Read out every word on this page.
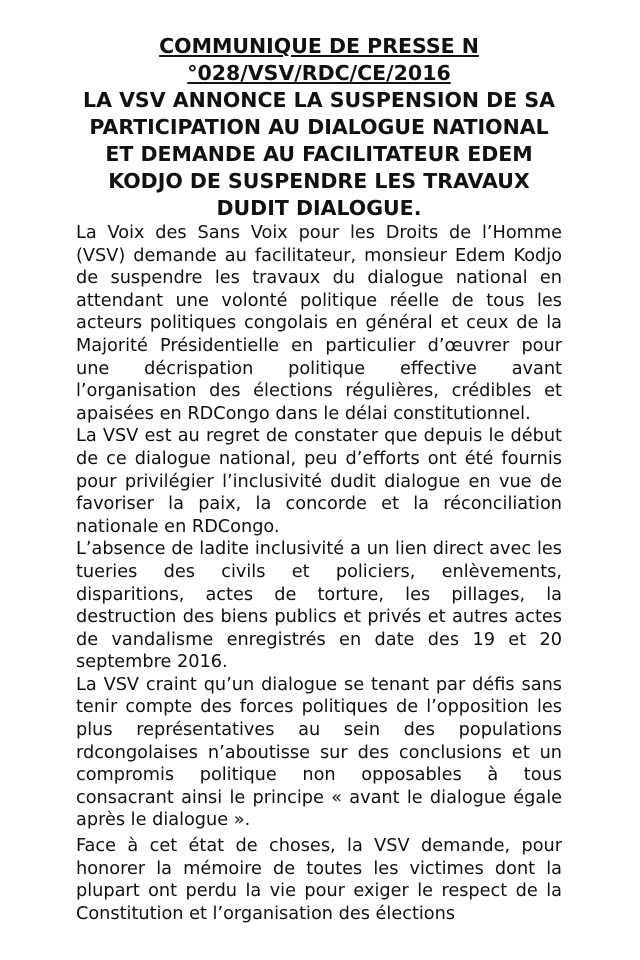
COMMUNIQUE DE PRESSE N °028/VSV/RDC/CE/2016
LA VSV ANNONCE LA SUSPENSION DE SA PARTICIPATION AU DIALOGUE NATIONAL ET DEMANDE AU FACILITATEUR EDEM KODJO DE SUSPENDRE LES TRAVAUX DUDIT DIALOGUE.

La Voix des Sans Voix pour les Droits de l’Homme (VSV) demande au facilitateur, monsieur Edem Kodjo de suspendre les travaux du dialogue national en attendant une volonté politique réelle de tous les acteurs politiques congolais en général et ceux de la Majorité Présidentielle en particulier d’œuvrer pour une décrispation politique effective avant l’organisation des élections régulières, crédibles et apaisées en RDCongo dans le délai constitutionnel.

La VSV est au regret de constater que depuis le début de ce dialogue national, peu d’efforts ont été fournis pour privilégier l’inclusivité dudit dialogue en vue de favoriser la paix, la concorde et la réconciliation nationale en RDCongo.

L’absence de ladite inclusivité a un lien direct avec les tueries des civils et policiers, enlèvements, disparitions, actes de torture, les pillages, la destruction des biens publics et privés et autres actes de vandalisme enregistrés en date des 19 et 20 septembre 2016.

La VSV craint qu’un dialogue se tenant par défis sans tenir compte des forces politiques de l’opposition les plus représentatives au sein des populations rdcongolaises n’aboutisse sur des conclusions et un compromis politique non opposables à tous consacrant ainsi le principe « avant le dialogue égale après le dialogue ».

Face à cet état de choses, la VSV demande, pour honorer la mémoire de toutes les victimes dont la plupart ont perdu la vie pour exiger le respect de la Constitution et l’organisation des élections
